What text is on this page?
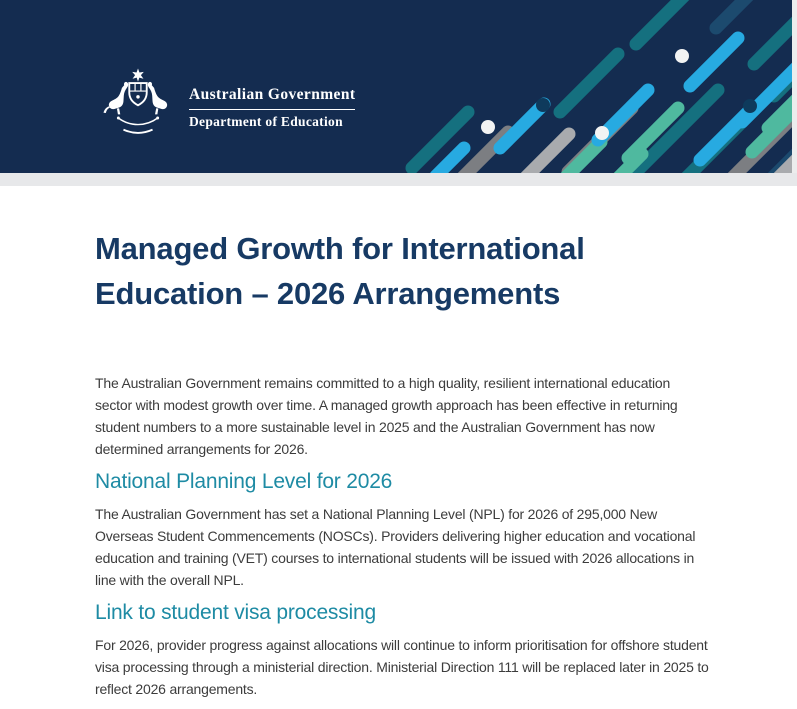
Australian Government
Department of Education
Managed Growth for International
Education – 2026 Arrangements

The Australian Government remains committed to a high quality, resilient international education sector with modest growth over time. A managed growth approach has been effective in returning student numbers to a more sustainable level in 2025 and the Australian Government has now determined arrangements for 2026.

National Planning Level for 2026

The Australian Government has set a National Planning Level (NPL) for 2026 of 295,000 New Overseas Student Commencements (NOSCs). Providers delivering higher education and vocational education and training (VET) courses to international students will be issued with 2026 allocations in line with the overall NPL.

Link to student visa processing

For 2026, provider progress against allocations will continue to inform prioritisation for offshore student visa processing through a ministerial direction. Ministerial Direction 111 will be replaced later in 2025 to reflect 2026 arrangements.
